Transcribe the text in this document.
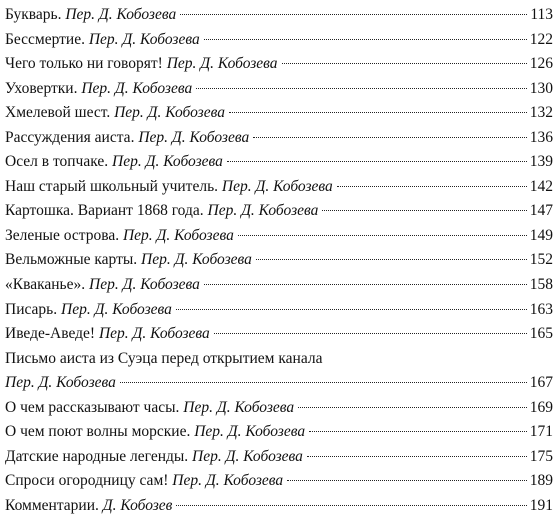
Букварь. Пер. Д. Кобозева	113
Бессмертие. Пер. Д. Кобозева	122
Чего только ни говорят! Пер. Д. Кобозева	126
Уховертки. Пер. Д. Кобозева	130
Хмелевой шест. Пер. Д. Кобозева	132
Рассуждения аиста. Пер. Д. Кобозева	136
Осел в топчаке. Пер. Д. Кобозева	139
Наш старый школьный учитель. Пер. Д. Кобозева	142
Картошка. Вариант 1868 года. Пер. Д. Кобозева	147
Зеленые острова. Пер. Д. Кобозева	149
Вельможные карты. Пер. Д. Кобозева	152
«Кваканье». Пер. Д. Кобозева	158
Писарь. Пер. Д. Кобозева	163
Иведе-Аведе! Пер. Д. Кобозева	165
Письмо аиста из Суэца перед открытием канала
Пер. Д. Кобозева	167
О чем рассказывают часы. Пер. Д. Кобозева	169
О чем поют волны морские. Пер. Д. Кобозева	171
Датские народные легенды. Пер. Д. Кобозева	175
Спроси огородницу сам! Пер. Д. Кобозева	189
Комментарии. Д. Кобозев	191
